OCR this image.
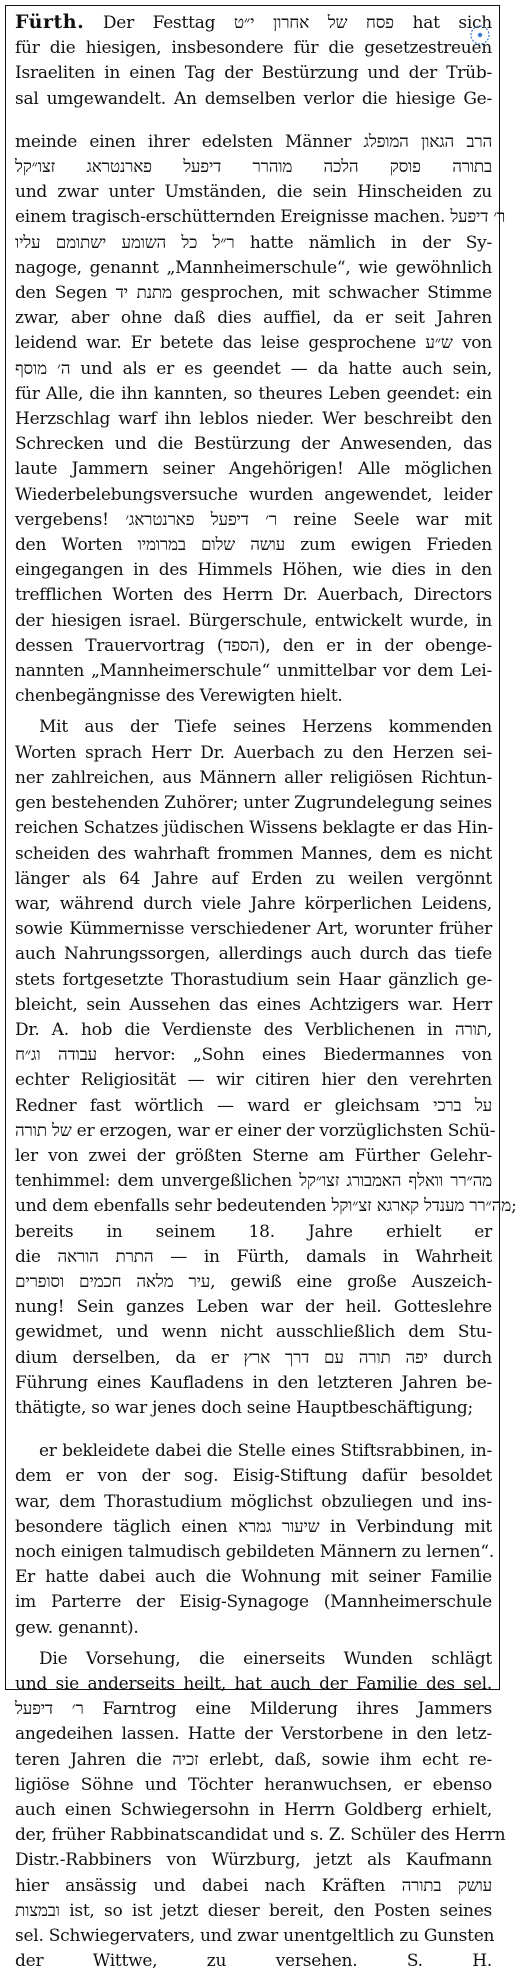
Fürth. Der Festtag פסח של אחרון י״ט hat sich
für die hiesigen, insbesondere für die gesetzestreuen
Israeliten in einen Tag der Bestürzung und der Trüb-
sal umgewandelt. An demselben verlor die hiesige Ge-
meinde einen ihrer edelsten Männer הרב הגאון המופלג
בתורה פוסק הלכה מוהרר דיפעל פארנטראג זצו״קל
und zwar unter Umständen, die sein Hinscheiden zu
einem tragisch-erschütternden Ereignisse machen. ר׳ דיפעל
ר״ל כל השומע ישתומם עליו hatte nämlich in der Sy-
nagoge, genannt „Mannheimerschule“, wie gewöhnlich
den Segen מתנת יד gesprochen, mit schwacher Stimme
zwar, aber ohne daß dies auffiel, da er seit Jahren
leidend war. Er betete das leise gesprochene ש״ע von
ה׳ מוסף und als er es geendet — da hatte auch sein,
für Alle, die ihn kannten, so theures Leben geendet: ein
Herzschlag warf ihn leblos nieder. Wer beschreibt den
Schrecken und die Bestürzung der Anwesenden, das
laute Jammern seiner Angehörigen! Alle möglichen
Wiederbelebungsversuche wurden angewendet, leider
vergebens! ר׳ דיפעל פארנטראג׳ reine Seele war mit
den Worten עושה שלום במרומיו zum ewigen Frieden
eingegangen in des Himmels Höhen, wie dies in den
trefflichen Worten des Herrn Dr. Auerbach, Directors
der hiesigen israel. Bürgerschule, entwickelt wurde, in
dessen Trauervortrag (הספד), den er in der obenge-
nannten „Mannheimerschule“ unmittelbar vor dem Lei-
chenbegängnisse des Verewigten hielt.
Mit aus der Tiefe seines Herzens kommenden
Worten sprach Herr Dr. Auerbach zu den Herzen sei-
ner zahlreichen, aus Männern aller religiösen Richtun-
gen bestehenden Zuhörer; unter Zugrundelegung seines
reichen Schatzes jüdischen Wissens beklagte er das Hin-
scheiden des wahrhaft frommen Mannes, dem es nicht
länger als 64 Jahre auf Erden zu weilen vergönnt
war, während durch viele Jahre körperlichen Leidens,
sowie Kümmernisse verschiedener Art, worunter früher
auch Nahrungssorgen, allerdings auch durch das tiefe
stets fortgesetzte Thorastudium sein Haar gänzlich ge-
bleicht, sein Aussehen das eines Achtzigers war. Herr
Dr. A. hob die Verdienste des Verblichenen in תורה,
עבודה וג״ח hervor: „Sohn eines Biedermannes von
echter Religiosität — wir citiren hier den verehrten
Redner fast wörtlich — ward er gleichsam על ברכי
של תורה er erzogen, war er einer der vorzüglichsten Schü-
ler von zwei der größten Sterne am Fürther Gelehr-
tenhimmel: dem unvergeßlichen מה״רר וואלף האמבורג זצו״קל
und dem ebenfalls sehr bedeutenden מה״רר מענדל קארגא זצ״וקל;
bereits in seinem 18. Jahre erhielt er
die התרת הוראה — in Fürth, damals in Wahrheit
עיר מלאה חכמים וסופרים, gewiß eine große Auszeich-
nung! Sein ganzes Leben war der heil. Gotteslehre
gewidmet, und wenn nicht ausschließlich dem Stu-
dium derselben, da er יפה תורה עם דרך ארץ durch
Führung eines Kaufladens in den letzteren Jahren be-
thätigte, so war jenes doch seine Hauptbeschäftigung;
er bekleidete dabei die Stelle eines Stiftsrabbinen, in-
dem er von der sog. Eisig-Stiftung dafür besoldet
war, dem Thorastudium möglichst obzuliegen und ins-
besondere täglich einen שיעור גמרא in Verbindung mit
noch einigen talmudisch gebildeten Männern zu lernen“.
Er hatte dabei auch die Wohnung mit seiner Familie
im Parterre der Eisig-Synagoge (Mannheimerschule
gew. genannt).
Die Vorsehung, die einerseits Wunden schlägt
und sie anderseits heilt, hat auch der Familie des sel.
ר׳ דיפעל Farntrog eine Milderung ihres Jammers
angedeihen lassen. Hatte der Verstorbene in den letz-
teren Jahren die זכיה erlebt, daß, sowie ihm echt re-
ligiöse Söhne und Töchter heranwuchsen, er ebenso
auch einen Schwiegersohn in Herrn Goldberg erhielt,
der, früher Rabbinatscandidat und s. Z. Schüler des Herrn
Distr.-Rabbiners von Würzburg, jetzt als Kaufmann
hier ansässig und dabei nach Kräften עושק בתורה
ובמצות ist, so ist jetzt dieser bereit, den Posten seines
sel. Schwiegervaters, und zwar unentgeltlich zu Gunsten
der Wittwe, zu versehen.	S. H.
